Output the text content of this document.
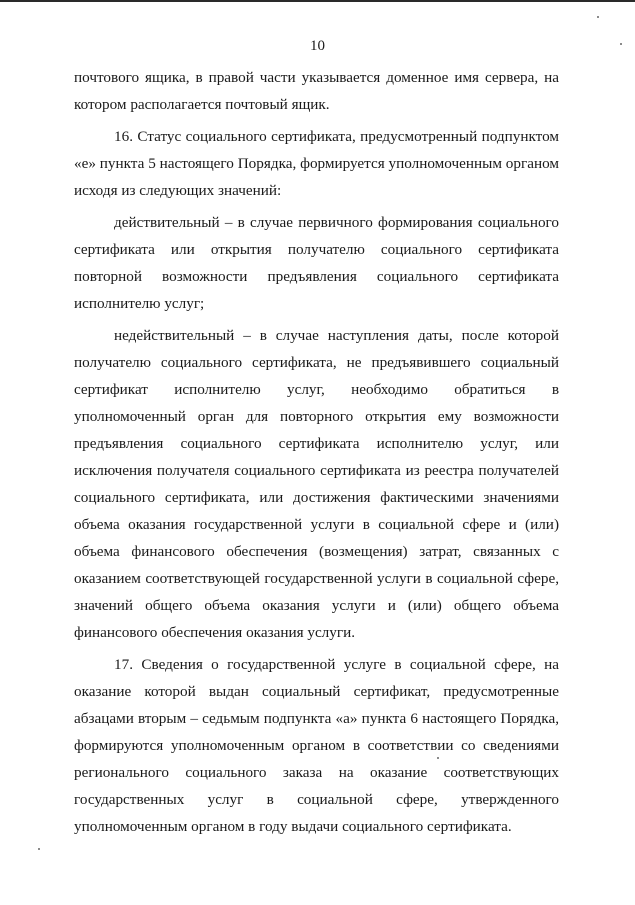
10

почтового ящика, в правой части указывается доменное имя сервера, на котором располагается почтовый ящик.

16. Статус социального сертификата, предусмотренный подпунктом «е» пункта 5 настоящего Порядка, формируется уполномоченным органом исходя из следующих значений:

действительный – в случае первичного формирования социального сертификата или открытия получателю социального сертификата повторной возможности предъявления социального сертификата исполнителю услуг;

недействительный – в случае наступления даты, после которой получателю социального сертификата, не предъявившего социальный сертификат исполнителю услуг, необходимо обратиться в уполномоченный орган для повторного открытия ему возможности предъявления социального сертификата исполнителю услуг, или исключения получателя социального сертификата из реестра получателей социального сертификата, или достижения фактическими значениями объема оказания государственной услуги в социальной сфере и (или) объема финансового обеспечения (возмещения) затрат, связанных с оказанием соответствующей государственной услуги в социальной сфере, значений общего объема оказания услуги и (или) общего объема финансового обеспечения оказания услуги.

17. Сведения о государственной услуге в социальной сфере, на оказание которой выдан социальный сертификат, предусмотренные абзацами вторым – седьмым подпункта «а» пункта 6 настоящего Порядка, формируются уполномоченным органом в соответствии со сведениями регионального социального заказа на оказание соответствующих государственных услуг в социальной сфере, утвержденного уполномоченным органом в году выдачи социального сертификата.
